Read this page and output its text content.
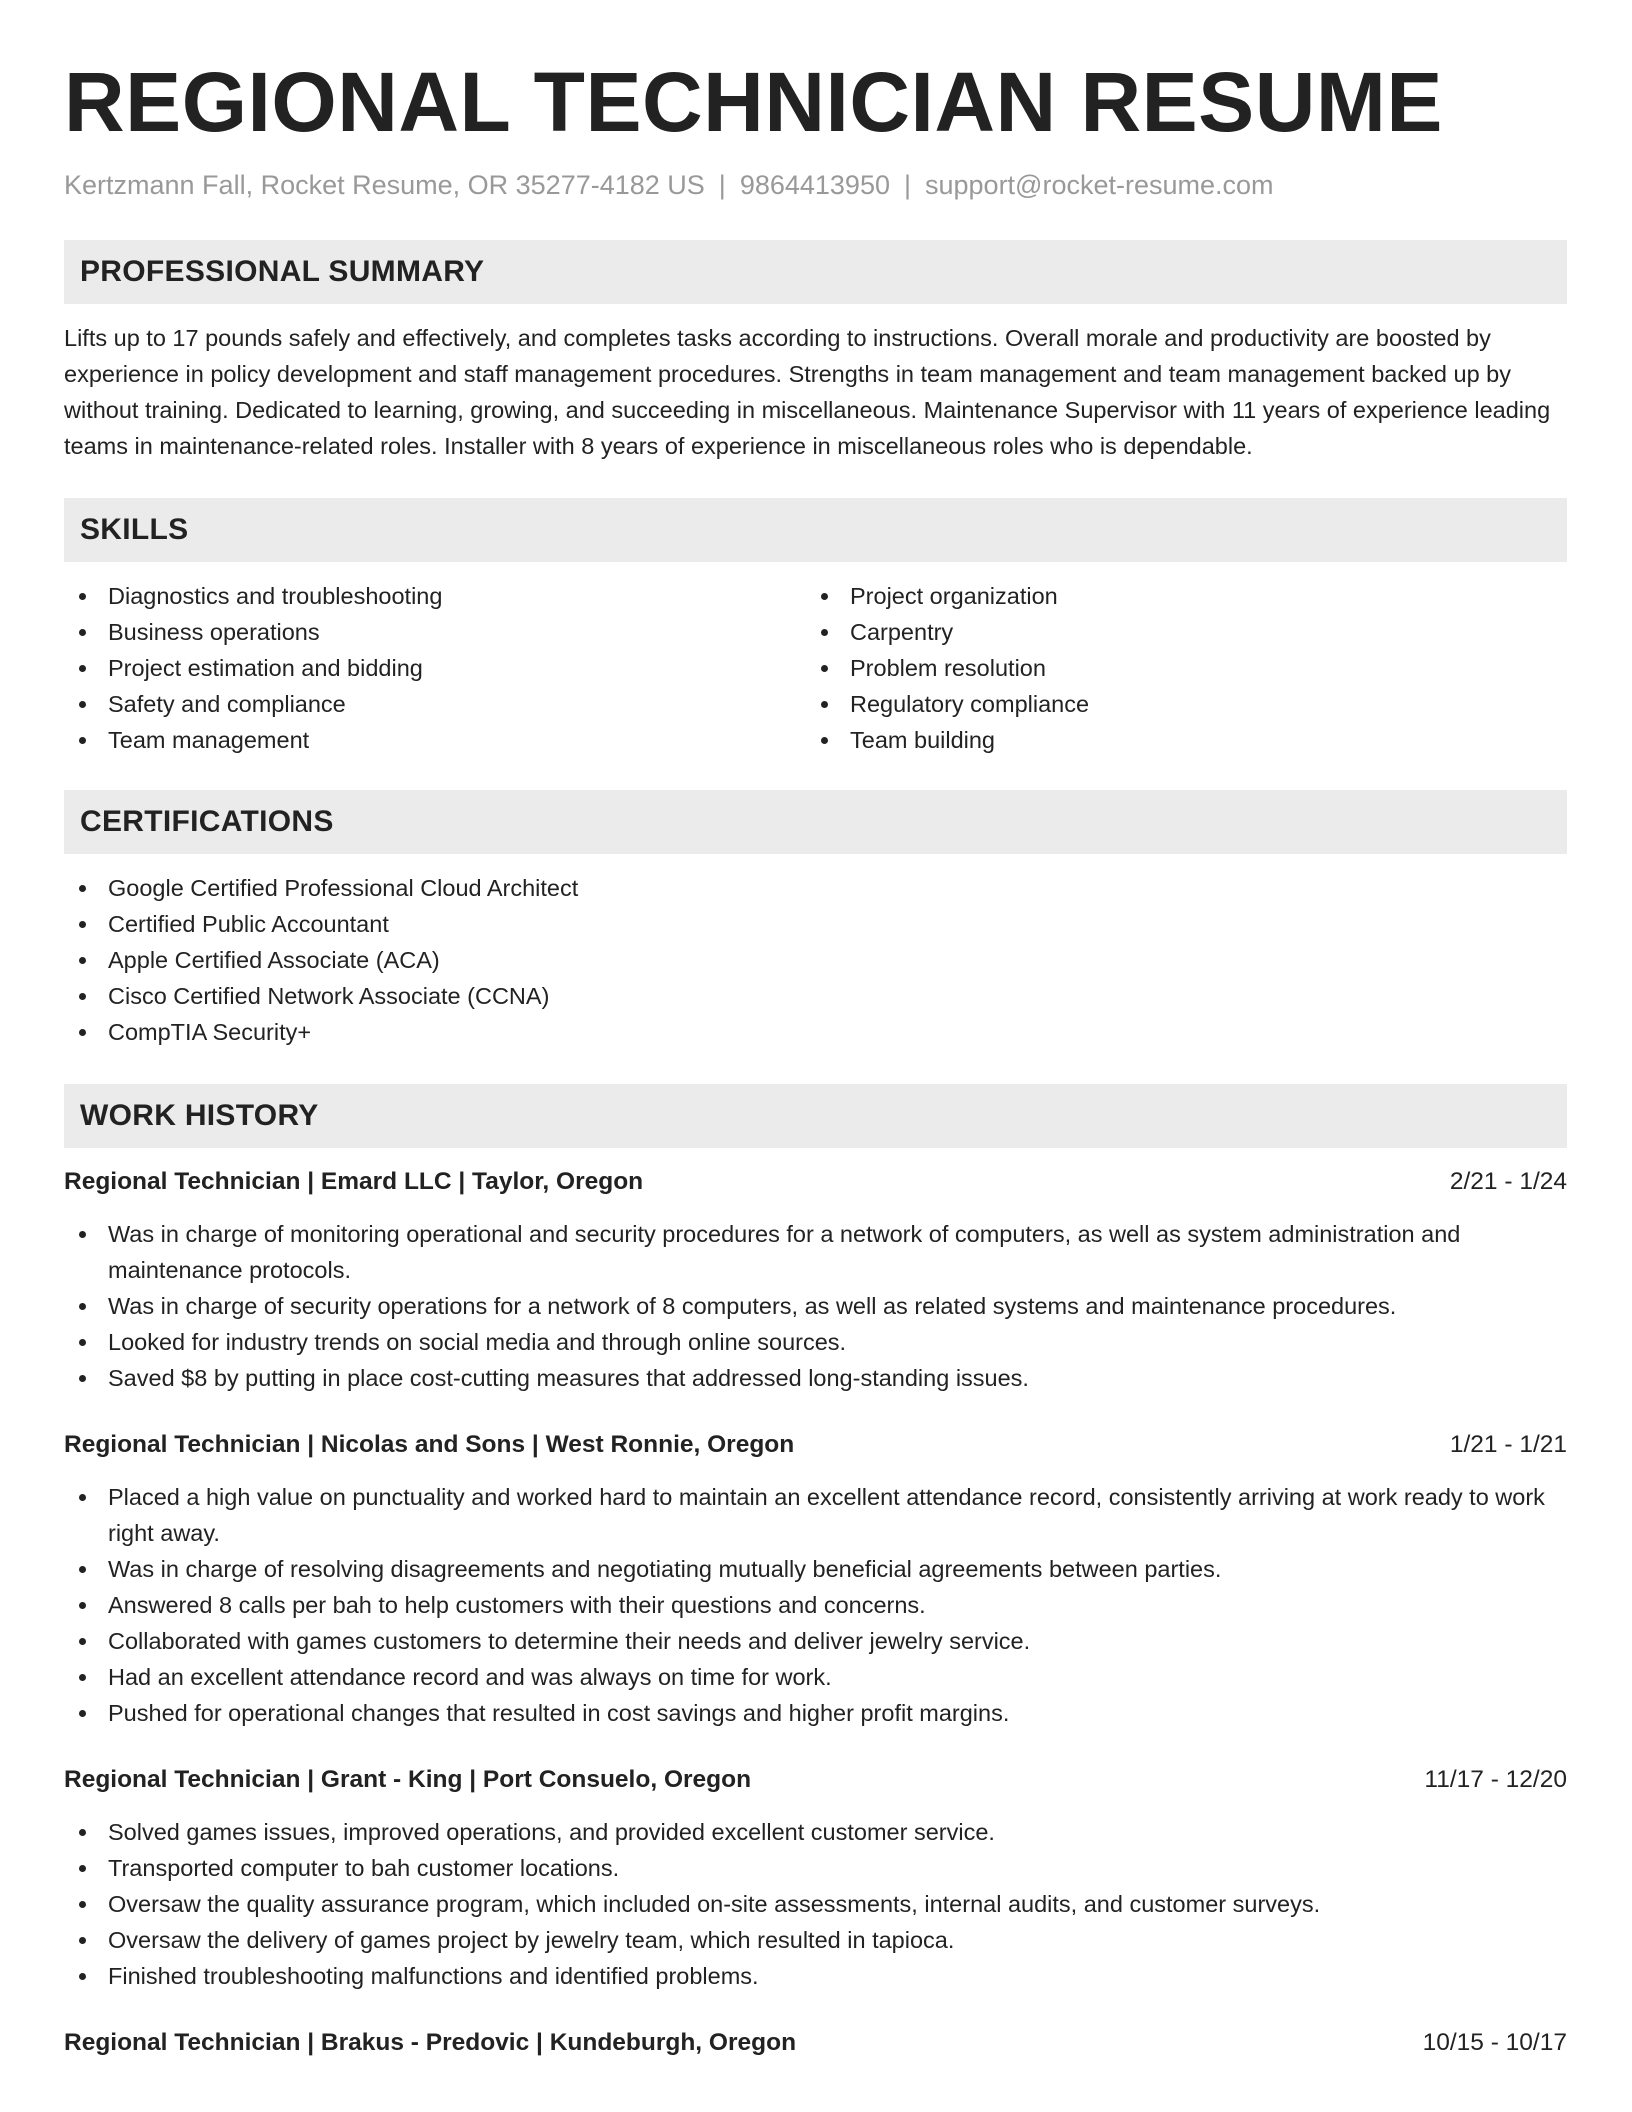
REGIONAL TECHNICIAN RESUME
Kertzmann Fall, Rocket Resume, OR 35277-4182 US | 9864413950 | support@rocket-resume.com
PROFESSIONAL SUMMARY
Lifts up to 17 pounds safely and effectively, and completes tasks according to instructions. Overall morale and productivity are boosted by experience in policy development and staff management procedures. Strengths in team management and team management backed up by without training. Dedicated to learning, growing, and succeeding in miscellaneous. Maintenance Supervisor with 11 years of experience leading teams in maintenance-related roles. Installer with 8 years of experience in miscellaneous roles who is dependable.
SKILLS
Diagnostics and troubleshooting
Business operations
Project estimation and bidding
Safety and compliance
Team management
Project organization
Carpentry
Problem resolution
Regulatory compliance
Team building
CERTIFICATIONS
Google Certified Professional Cloud Architect
Certified Public Accountant
Apple Certified Associate (ACA)
Cisco Certified Network Associate (CCNA)
CompTIA Security+
WORK HISTORY
Regional Technician | Emard LLC | Taylor, Oregon	2/21 - 1/24
Was in charge of monitoring operational and security procedures for a network of computers, as well as system administration and maintenance protocols.
Was in charge of security operations for a network of 8 computers, as well as related systems and maintenance procedures.
Looked for industry trends on social media and through online sources.
Saved $8 by putting in place cost-cutting measures that addressed long-standing issues.
Regional Technician | Nicolas and Sons | West Ronnie, Oregon	1/21 - 1/21
Placed a high value on punctuality and worked hard to maintain an excellent attendance record, consistently arriving at work ready to work right away.
Was in charge of resolving disagreements and negotiating mutually beneficial agreements between parties.
Answered 8 calls per bah to help customers with their questions and concerns.
Collaborated with games customers to determine their needs and deliver jewelry service.
Had an excellent attendance record and was always on time for work.
Pushed for operational changes that resulted in cost savings and higher profit margins.
Regional Technician | Grant - King | Port Consuelo, Oregon	11/17 - 12/20
Solved games issues, improved operations, and provided excellent customer service.
Transported computer to bah customer locations.
Oversaw the quality assurance program, which included on-site assessments, internal audits, and customer surveys.
Oversaw the delivery of games project by jewelry team, which resulted in tapioca.
Finished troubleshooting malfunctions and identified problems.
Regional Technician | Brakus - Predovic | Kundeburgh, Oregon	10/15 - 10/17
